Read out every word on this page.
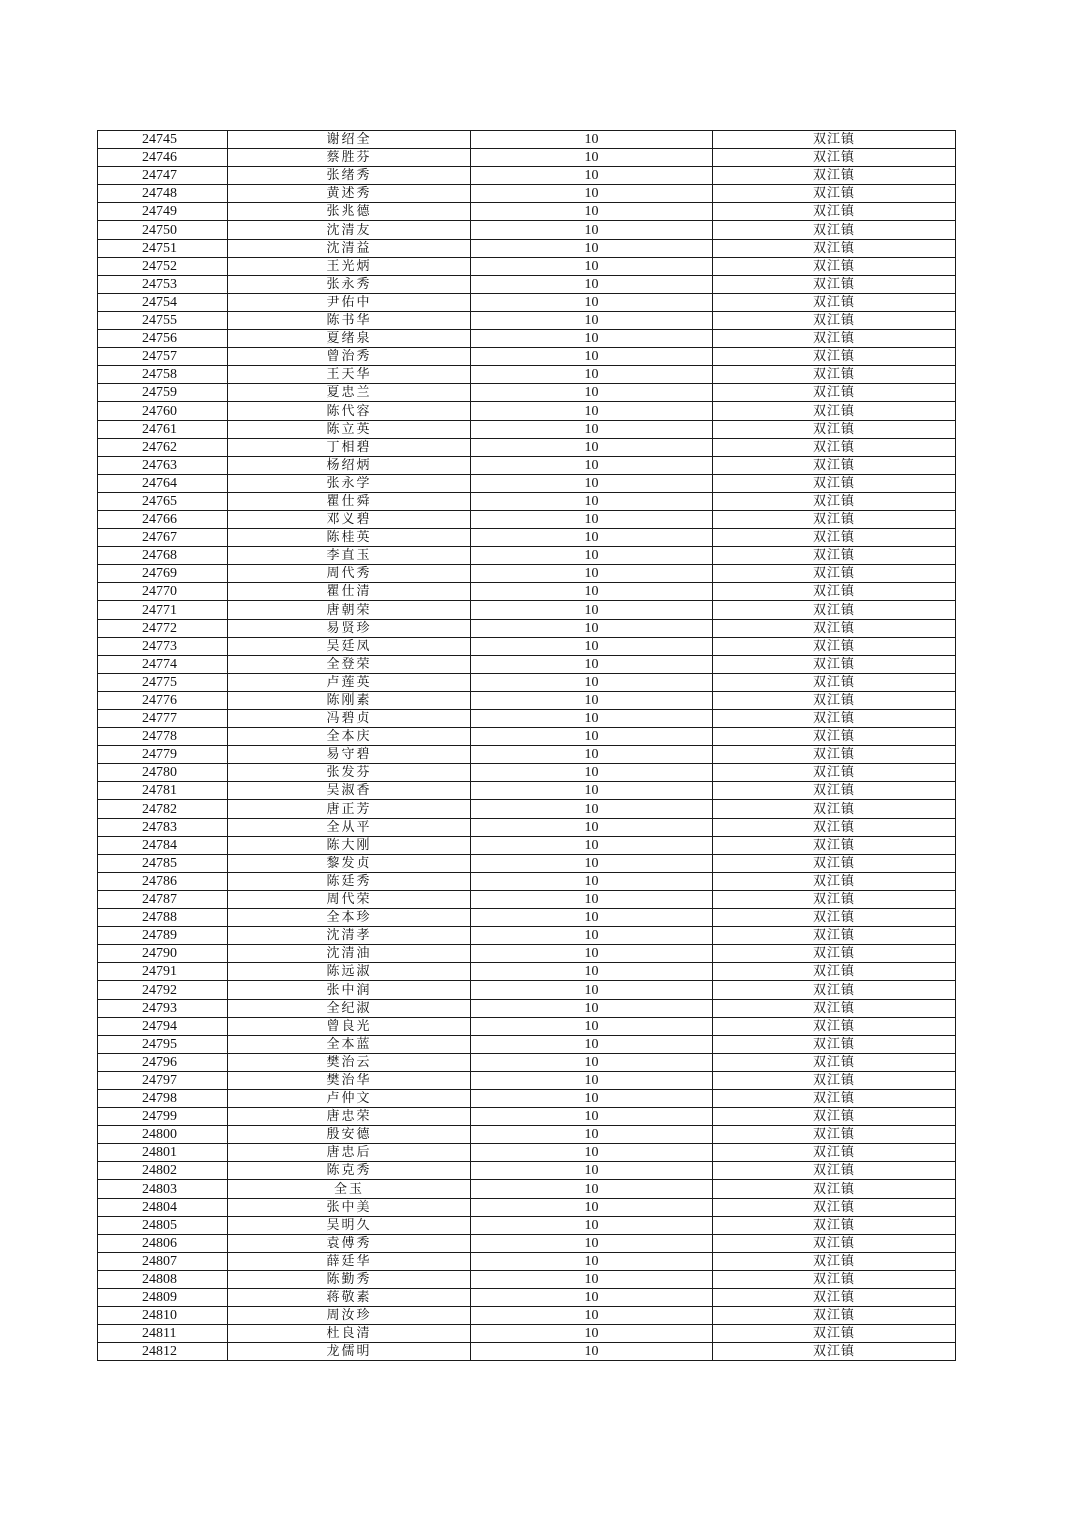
24745	谢绍全	10	双江镇
24746	蔡胜芬	10	双江镇
24747	张绪秀	10	双江镇
24748	黄述秀	10	双江镇
24749	张兆德	10	双江镇
24750	沈清友	10	双江镇
24751	沈清益	10	双江镇
24752	王光炳	10	双江镇
24753	张永秀	10	双江镇
24754	尹佑中	10	双江镇
24755	陈书华	10	双江镇
24756	夏绪泉	10	双江镇
24757	曾治秀	10	双江镇
24758	王天华	10	双江镇
24759	夏忠兰	10	双江镇
24760	陈代容	10	双江镇
24761	陈立英	10	双江镇
24762	丁相碧	10	双江镇
24763	杨绍炳	10	双江镇
24764	张永学	10	双江镇
24765	瞿仕舜	10	双江镇
24766	邓义碧	10	双江镇
24767	陈桂英	10	双江镇
24768	李直玉	10	双江镇
24769	周代秀	10	双江镇
24770	瞿仕清	10	双江镇
24771	唐朝荣	10	双江镇
24772	易贤珍	10	双江镇
24773	吴廷凤	10	双江镇
24774	全登荣	10	双江镇
24775	卢莲英	10	双江镇
24776	陈刚素	10	双江镇
24777	冯碧贞	10	双江镇
24778	全本庆	10	双江镇
24779	易守碧	10	双江镇
24780	张发芬	10	双江镇
24781	吴淑香	10	双江镇
24782	唐正芳	10	双江镇
24783	全从平	10	双江镇
24784	陈大刚	10	双江镇
24785	黎发贞	10	双江镇
24786	陈廷秀	10	双江镇
24787	周代荣	10	双江镇
24788	全本珍	10	双江镇
24789	沈清孝	10	双江镇
24790	沈清油	10	双江镇
24791	陈远淑	10	双江镇
24792	张中润	10	双江镇
24793	全纪淑	10	双江镇
24794	曾良光	10	双江镇
24795	全本蓝	10	双江镇
24796	樊治云	10	双江镇
24797	樊治华	10	双江镇
24798	卢仲文	10	双江镇
24799	唐忠荣	10	双江镇
24800	殷安德	10	双江镇
24801	唐忠后	10	双江镇
24802	陈克秀	10	双江镇
24803	全玉	10	双江镇
24804	张中美	10	双江镇
24805	吴明久	10	双江镇
24806	袁傅秀	10	双江镇
24807	薛廷华	10	双江镇
24808	陈勤秀	10	双江镇
24809	蒋敬素	10	双江镇
24810	周汝珍	10	双江镇
24811	杜良清	10	双江镇
24812	龙儒明	10	双江镇
